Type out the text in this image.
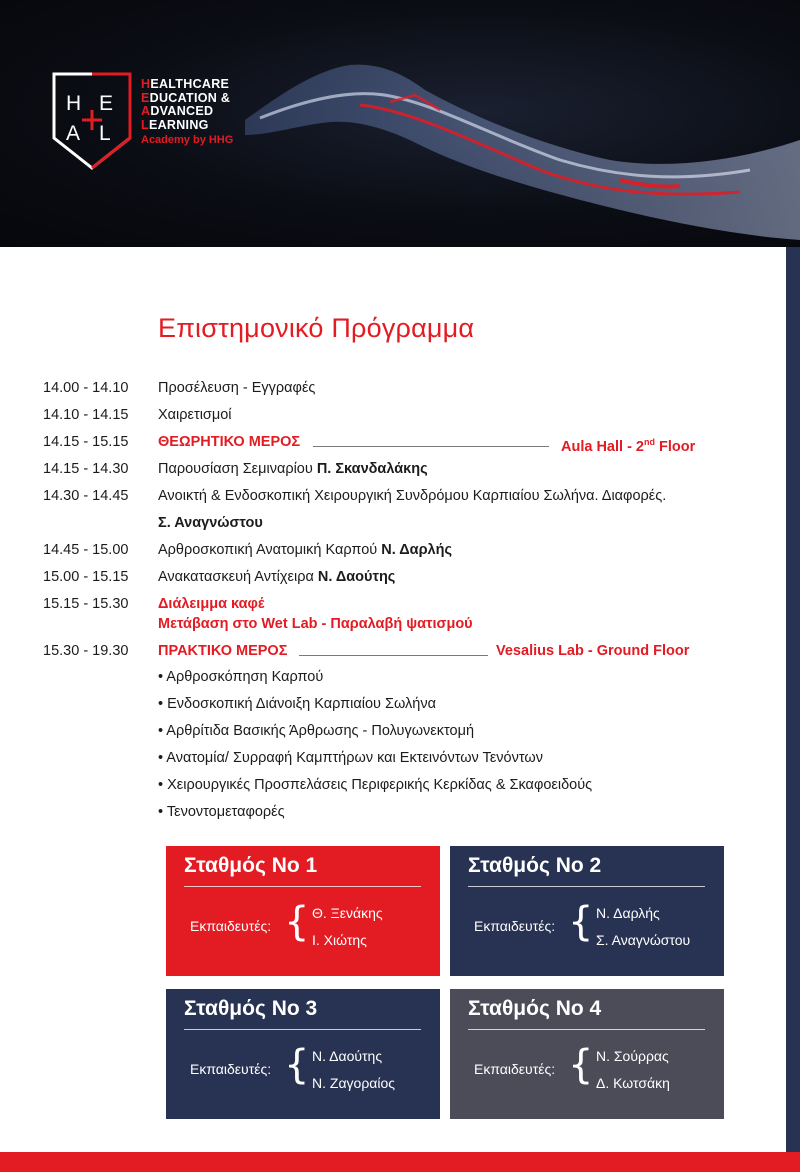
H E
A L
HEALTHCARE
EDUCATION &
ADVANCED
LEARNING
Academy by HHG
Επιστημονικό Πρόγραμμα
14.00 - 14.10	Προσέλευση - Εγγραφές
14.10 - 14.15	Χαιρετισμοί
14.15 - 15.15	ΘΕΩΡΗΤΙΚΟ ΜΕΡΟΣ	Aula Hall - 2nd Floor
14.15 - 14.30	Παρουσίαση Σεμιναρίου Π. Σκανδαλάκης
14.30 - 14.45	Ανοικτή & Ενδοσκοπική Χειρουργική Συνδρόμου Καρπιαίου Σωλήνα. Διαφορές.
Σ. Αναγνώστου
14.45 - 15.00	Αρθροσκοπική Ανατομική Καρπού Ν. Δαρλής
15.00 - 15.15	Ανακατασκευή Αντίχειρα Ν. Δαούτης
15.15 - 15.30	Διάλειμμα καφέ
Μετάβαση στο Wet Lab - Παραλαβή ψατισμού
15.30 - 19.30	ΠΡΑΚΤΙΚΟ ΜΕΡΟΣ	Vesalius Lab - Ground Floor
• Αρθροσκόπηση Καρπού
• Ενδοσκοπική Διάνοιξη Καρπιαίου Σωλήνα
• Αρθρίτιδα Βασικής Άρθρωσης - Πολυγωνεκτομή
• Ανατομία/ Συρραφή Καμπτήρων και Εκτεινόντων Τενόντων
• Χειρουργικές Προσπελάσεις Περιφερικής Κερκίδας & Σκαφοειδούς
• Τενοντομεταφορές
Σταθμός Νο 1
Εκπαιδευτές: { Θ. Ξενάκης
Ι. Χιώτης
Σταθμός Νο 2
Εκπαιδευτές: { Ν. Δαρλής
Σ. Αναγνώστου
Σταθμός Νο 3
Εκπαιδευτές: { Ν. Δαούτης
Ν. Ζαγοραίος
Σταθμός Νο 4
Εκπαιδευτές: { Ν. Σούρρας
Δ. Κωτσάκη
